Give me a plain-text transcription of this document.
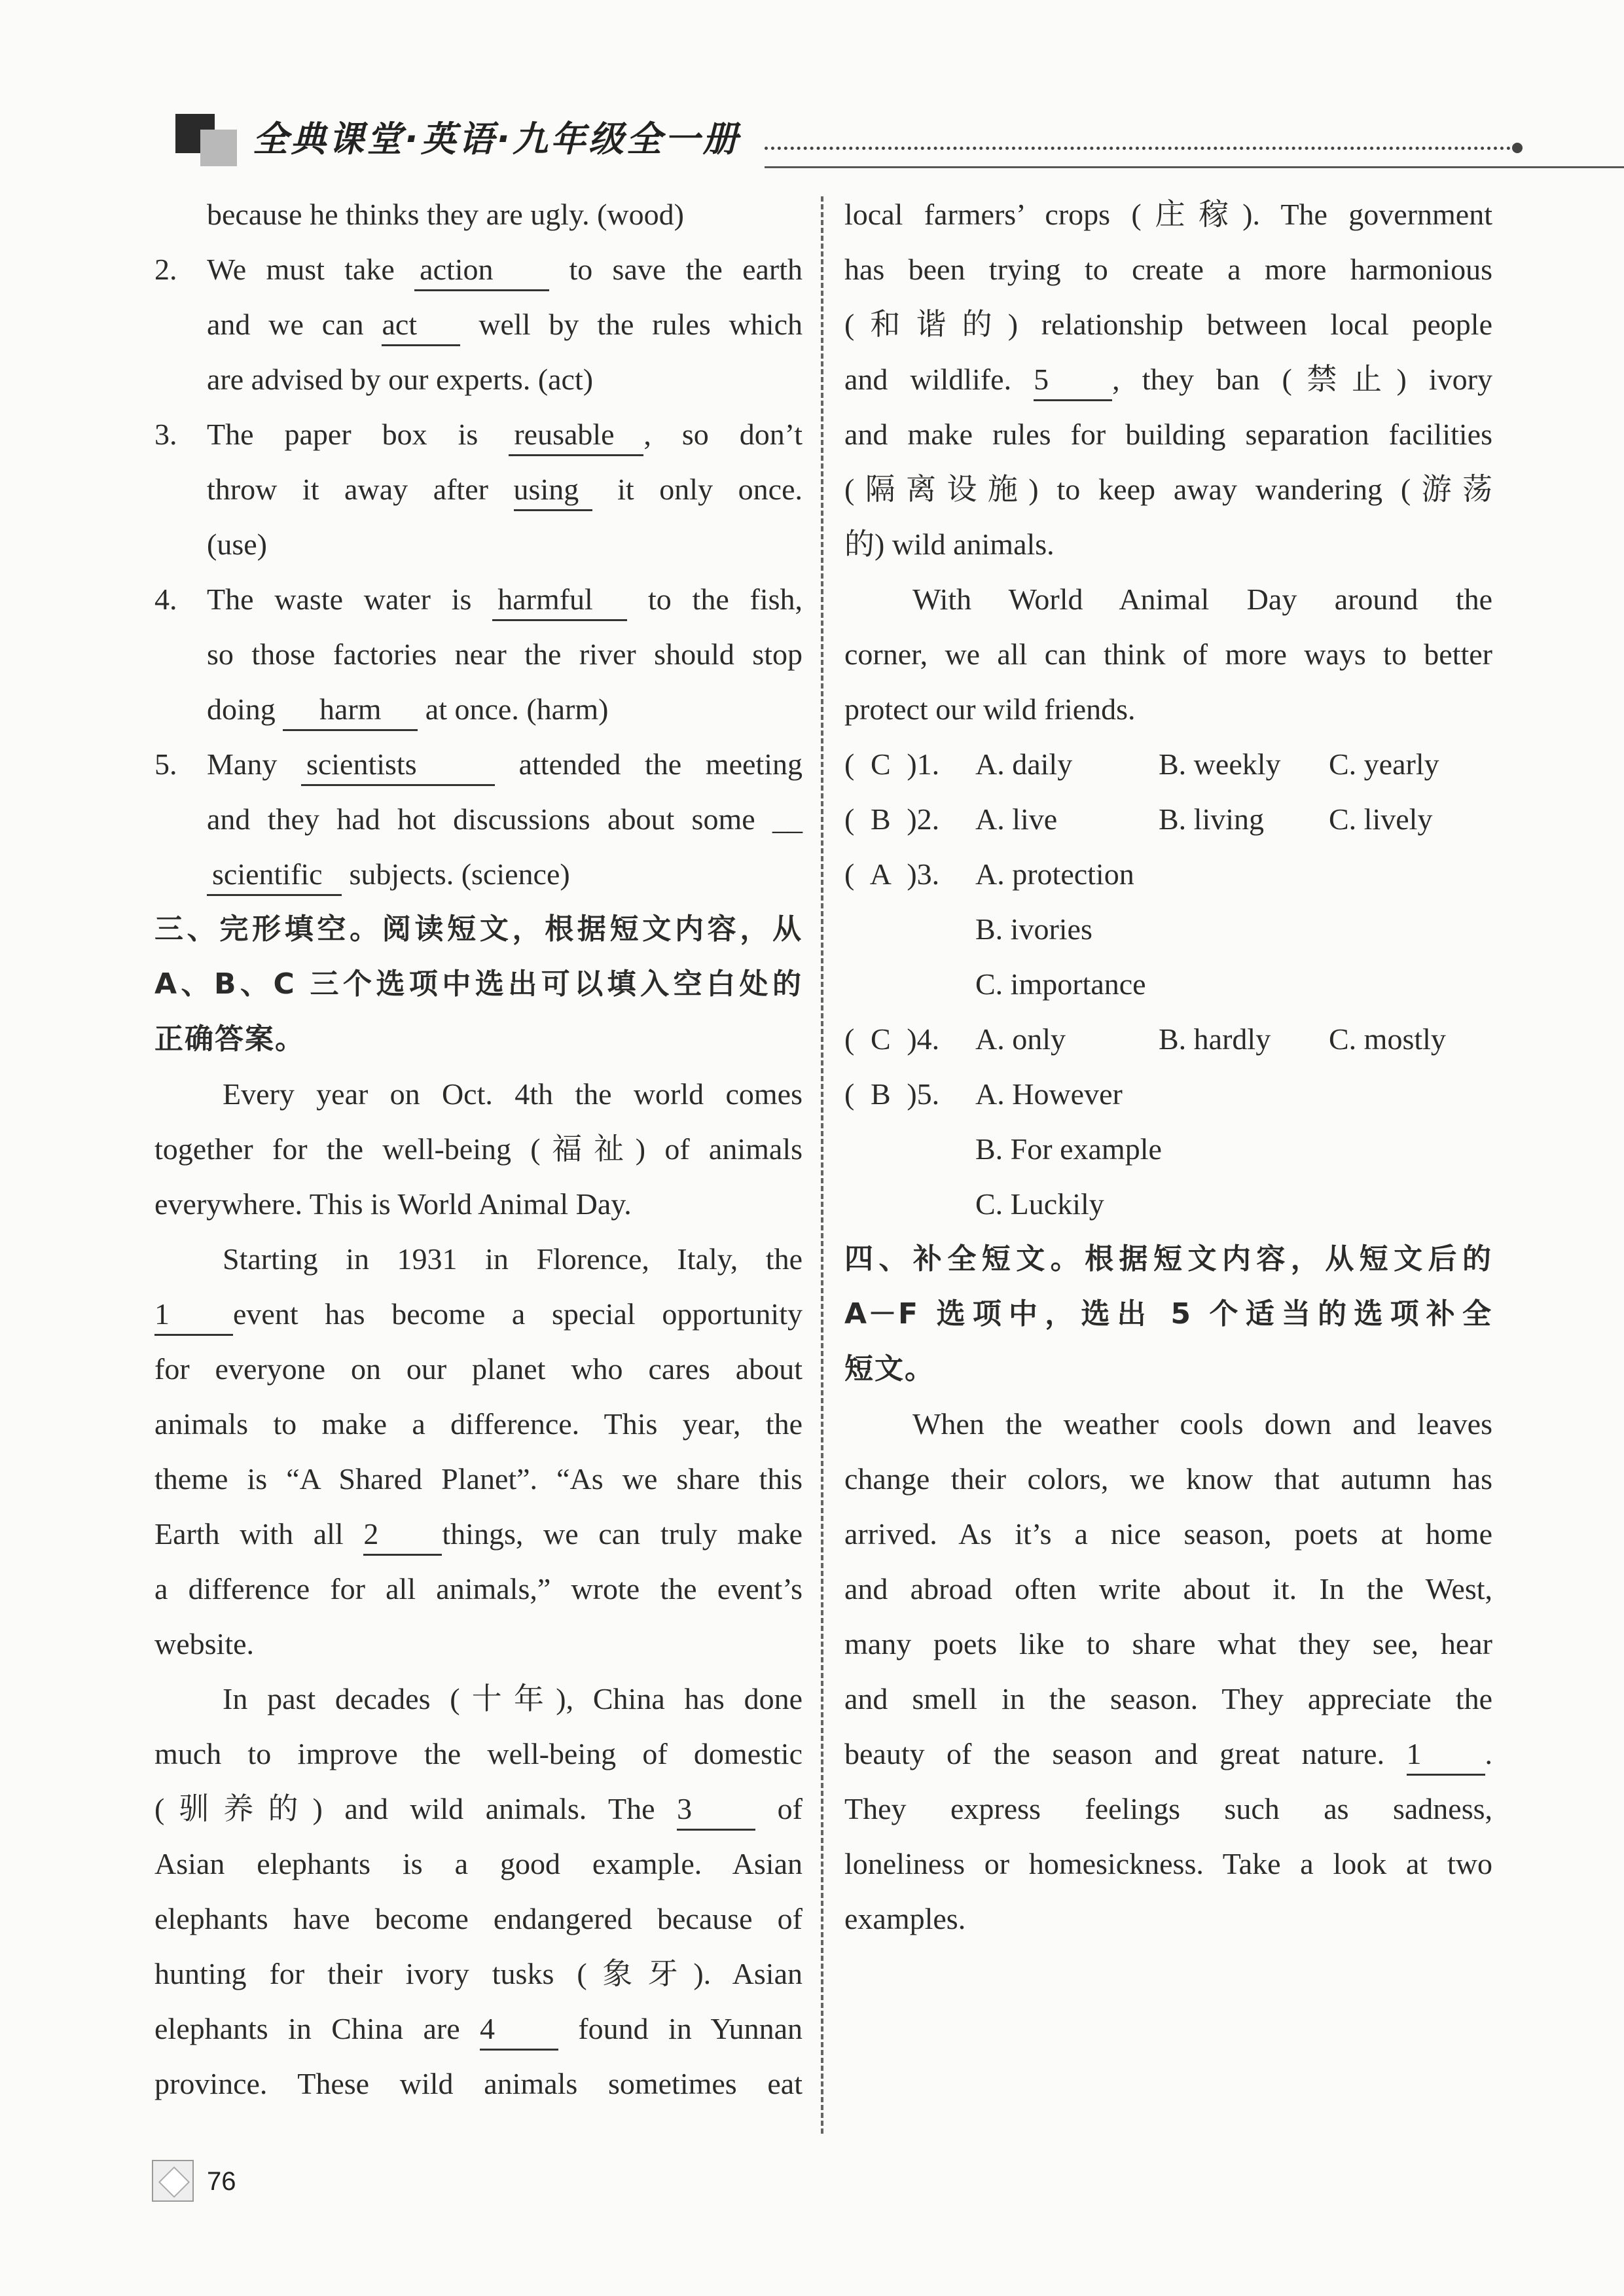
全典课堂·英语·九年级全一册

because he thinks they are ugly. (wood)

2. We must take action	to save the earth

and we can act well by the rules which

are advised by our experts. (act)

3. The paper box is reusable , so don’t

throw it away after using it only once.

(use)

4. The waste water is harmful to the fish,

so those factories near the river should stop

doing harm at once. (harm)

5. Many scientists	attended the meeting

and they had hot discussions about some __

scientific subjects. (science)

三、完形填空。阅读短文，根据短文内容，从

A、B、C 三个选项中选出可以填入空白处的

正确答案。

Every year on Oct. 4th the world comes

together for the well-being (福祉) of animals

everywhere. This is World Animal Day.

Starting in 1931 in Florence, Italy, the

1 event has become a special opportunity

for everyone on our planet who cares about

animals to make a difference. This year, the

theme is “A Shared Planet”. “As we share this

Earth with all 2 things, we can truly make

a difference for all animals,” wrote the event’s

website.

In past decades (十年), China has done

much to improve the well-being of domestic

(驯养的) and wild animals. The 3	of

Asian elephants is a good example. Asian

elephants have become endangered because of

hunting for their ivory tusks (象牙). Asian

elephants in China are 4	found in Yunnan

province. These wild animals sometimes eat

local farmers’ crops (庄稼). The government

has been trying to create a more harmonious

(和谐的) relationship between local people

and wildlife. 5 , they ban (禁止) ivory

and make rules for building separation facilities

(隔离设施) to keep away wandering (游荡

的) wild animals.

With World Animal Day around the

corner, we all can think of more ways to better

protect our wild friends.

( C )1. A. daily	B. weekly C. yearly

( B )2. A. live	B. living C. lively

( A )3. A. protection

B. ivories

C. importance

( C )4. A. only	B. hardly C. mostly

( B )5. A. However

B. For example

C. Luckily

四、补全短文。根据短文内容，从短文后的

A－F 选项中，选出 5 个适当的选项补全

短文。

When the weather cools down and leaves

change their colors, we know that autumn has

arrived. As it’s a nice season, poets at home

and abroad often write about it. In the West,

many poets like to share what they see, hear

and smell in the season. They appreciate the

beauty of the season and great nature. 1 .

They express feelings such as sadness,

loneliness or homesickness. Take a look at two

examples.

76
